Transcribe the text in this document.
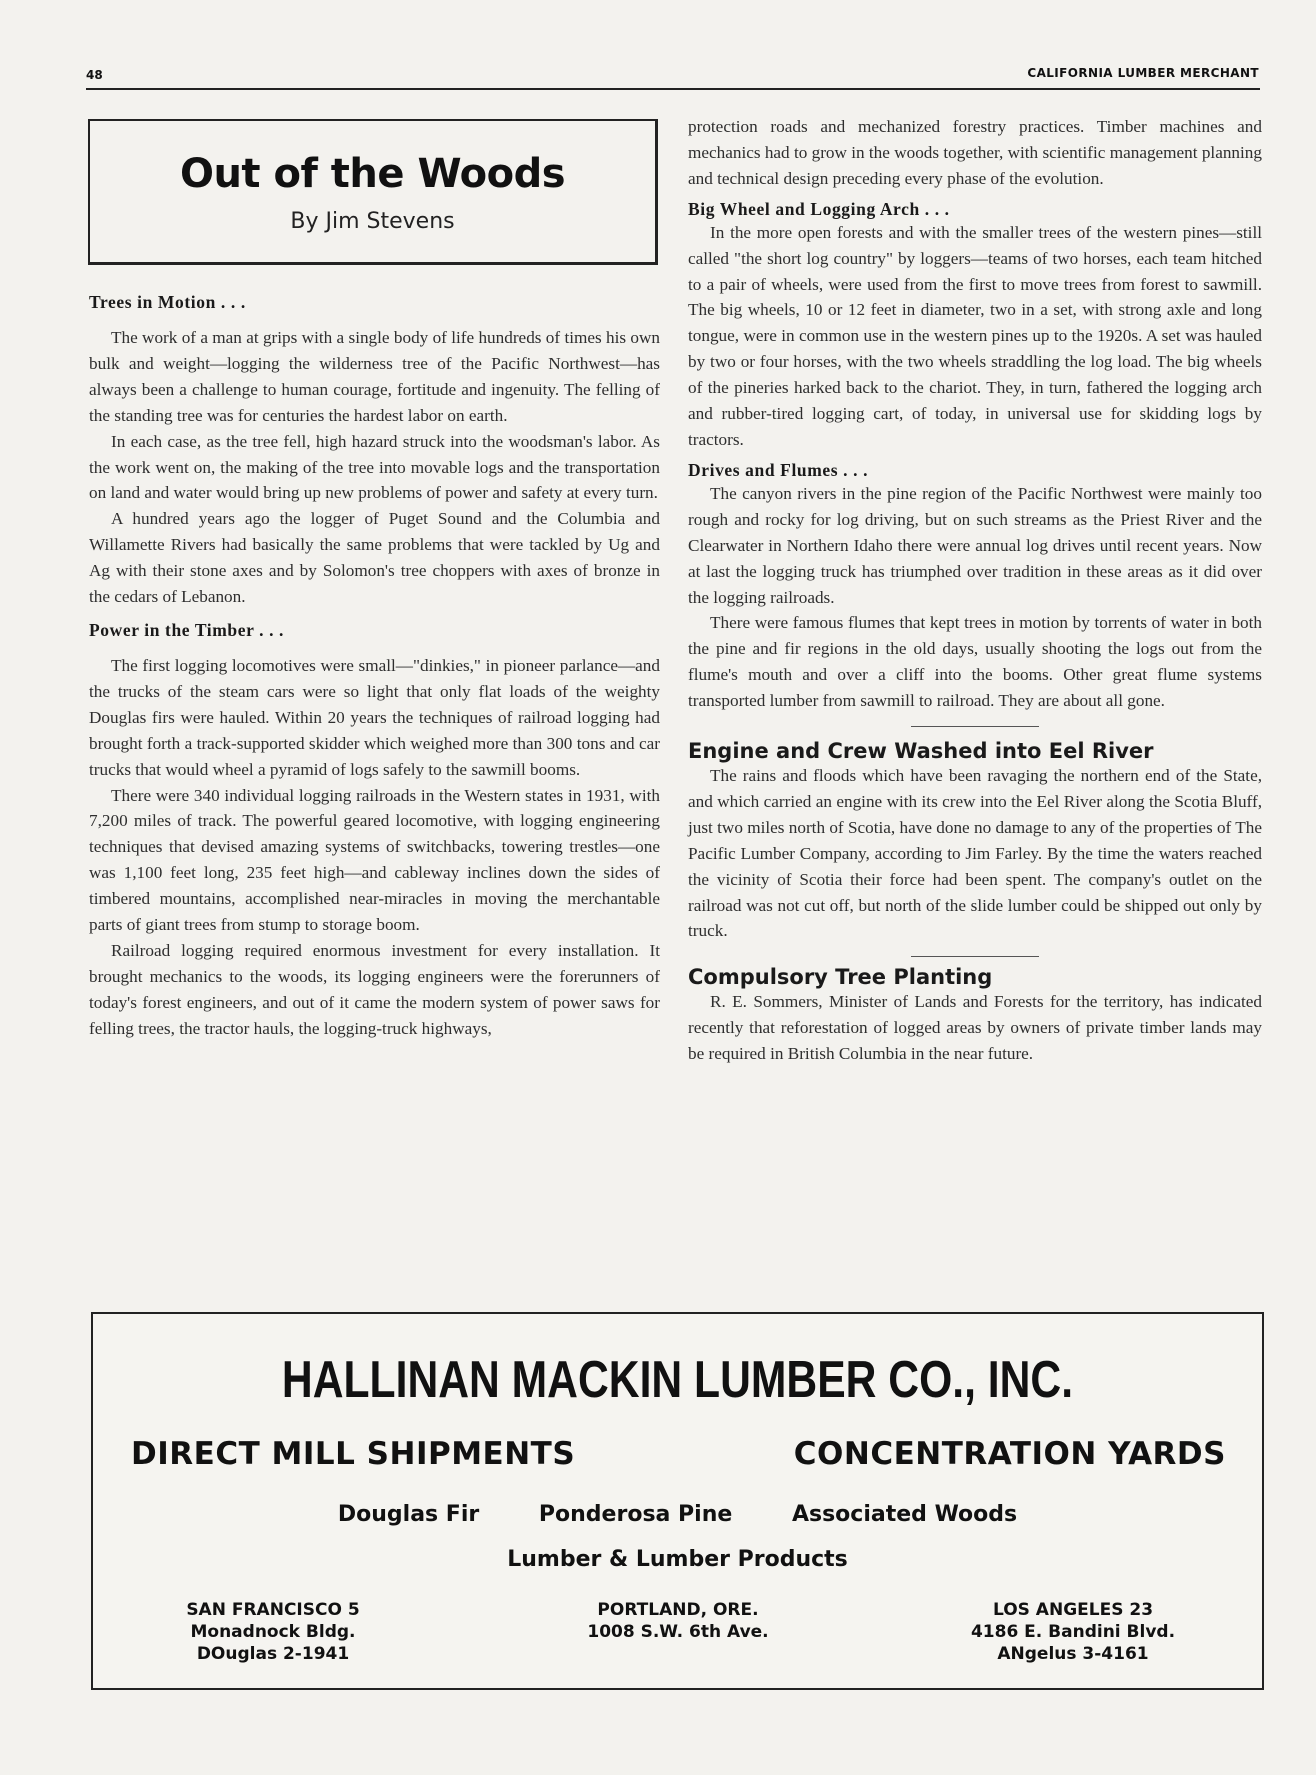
48	CALIFORNIA LUMBER MERCHANT
Out of the Woods
By Jim Stevens
Trees in Motion . . .

The work of a man at grips with a single body of life hundreds of times his own bulk and weight—logging the wilderness tree of the Pacific Northwest—has always been a challenge to human courage, fortitude and ingenuity. The felling of the standing tree was for centuries the hardest labor on earth.

In each case, as the tree fell, high hazard struck into the woodsman's labor. As the work went on, the making of the tree into movable logs and the transportation on land and water would bring up new problems of power and safety at every turn.

A hundred years ago the logger of Puget Sound and the Columbia and Willamette Rivers had basically the same problems that were tackled by Ug and Ag with their stone axes and by Solomon's tree choppers with axes of bronze in the cedars of Lebanon.

Power in the Timber . . .

The first logging locomotives were small—"dinkies," in pioneer parlance—and the trucks of the steam cars were so light that only flat loads of the weighty Douglas firs were hauled. Within 20 years the techniques of railroad logging had brought forth a track-supported skidder which weighed more than 300 tons and car trucks that would wheel a pyramid of logs safely to the sawmill booms.

There were 340 individual logging railroads in the Western states in 1931, with 7,200 miles of track. The powerful geared locomotive, with logging engineering techniques that devised amazing systems of switchbacks, towering trestles—one was 1,100 feet long, 235 feet high—and cableway inclines down the sides of timbered mountains, accomplished near-miracles in moving the merchantable parts of giant trees from stump to storage boom.

Railroad logging required enormous investment for every installation. It brought mechanics to the woods, its logging engineers were the forerunners of today's forest engineers, and out of it came the modern system of power saws for felling trees, the tractor hauls, the logging-truck highways,

protection roads and mechanized forestry practices. Timber machines and mechanics had to grow in the woods together, with scientific management planning and technical design preceding every phase of the evolution.

Big Wheel and Logging Arch . . .

In the more open forests and with the smaller trees of the western pines—still called "the short log country" by loggers—teams of two horses, each team hitched to a pair of wheels, were used from the first to move trees from forest to sawmill. The big wheels, 10 or 12 feet in diameter, two in a set, with strong axle and long tongue, were in common use in the western pines up to the 1920s. A set was hauled by two or four horses, with the two wheels straddling the log load. The big wheels of the pineries harked back to the chariot. They, in turn, fathered the logging arch and rubber-tired logging cart, of today, in universal use for skidding logs by tractors.

Drives and Flumes . . .

The canyon rivers in the pine region of the Pacific Northwest were mainly too rough and rocky for log driving, but on such streams as the Priest River and the Clearwater in Northern Idaho there were annual log drives until recent years. Now at last the logging truck has triumphed over tradition in these areas as it did over the logging railroads.

There were famous flumes that kept trees in motion by torrents of water in both the pine and fir regions in the old days, usually shooting the logs out from the flume's mouth and over a cliff into the booms. Other great flume systems transported lumber from sawmill to railroad. They are about all gone.

Engine and Crew Washed into Eel River

The rains and floods which have been ravaging the northern end of the State, and which carried an engine with its crew into the Eel River along the Scotia Bluff, just two miles north of Scotia, have done no damage to any of the properties of The Pacific Lumber Company, according to Jim Farley. By the time the waters reached the vicinity of Scotia their force had been spent. The company's outlet on the railroad was not cut off, but north of the slide lumber could be shipped out only by truck.

Compulsory Tree Planting

R. E. Sommers, Minister of Lands and Forests for the territory, has indicated recently that reforestation of logged areas by owners of private timber lands may be required in British Columbia in the near future.

HALLINAN MACKIN LUMBER CO., INC.
DIRECT MILL SHIPMENTS	CONCENTRATION YARDS
Douglas Fir	Ponderosa Pine	Associated Woods
Lumber & Lumber Products
SAN FRANCISCO 5
Monadnock Bldg.
DOuglas 2-1941
PORTLAND, ORE.
1008 S.W. 6th Ave.
LOS ANGELES 23
4186 E. Bandini Blvd.
ANgelus 3-4161
